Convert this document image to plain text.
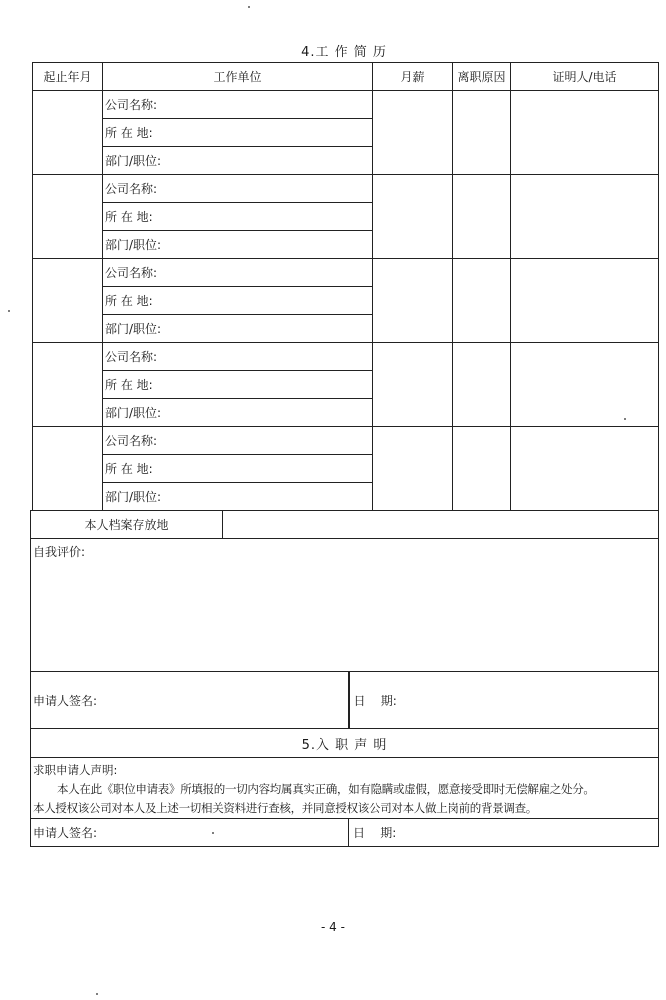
4.工 作 简 历
起止年月	工作单位	月薪	离职原因	证明人/电话
	公司名称:			
	所 在 地:			
	部门/职位:			
	公司名称:			
	所 在 地:			
	部门/职位:			
	公司名称:			
	所 在 地:			
	部门/职位:			
	公司名称:			
	所 在 地:			
	部门/职位:			
	公司名称:			
	所 在 地:			
	部门/职位:			
本人档案存放地		
自我评价:		
申请人签名:		日    期:
5.入 职 声 明

求职申请人声明:
本人在此《职位申请表》所填报的一切内容均属真实正确，如有隐瞒或虚假，愿意接受即时无偿解雇之处分。
本人授权该公司对本人及上述一切相关资料进行查核，并同意授权该公司对本人做上岗前的背景调查。

申请人签名:	日    期:
- 4 -
